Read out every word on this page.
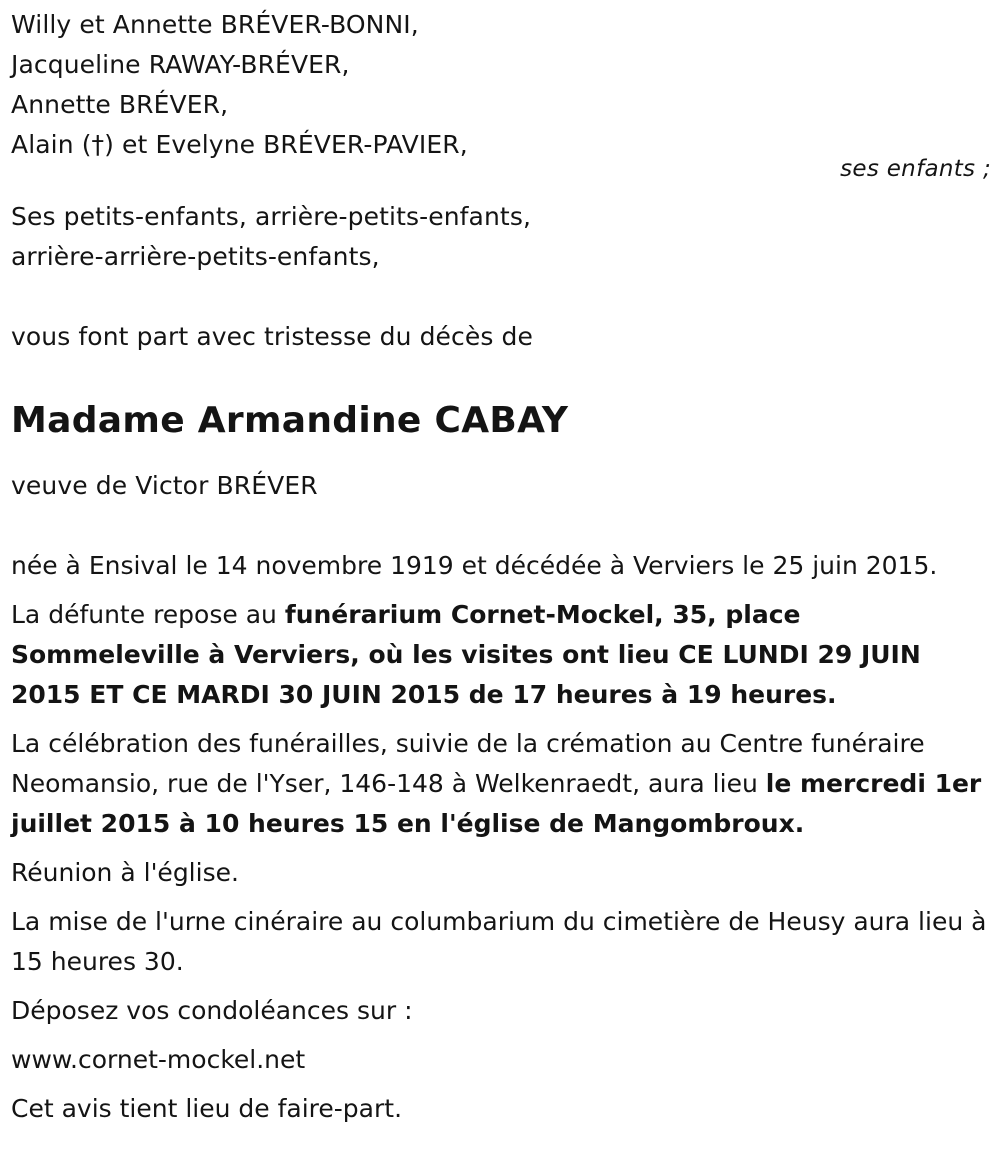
Willy et Annette BRÉVER-BONNI,
Jacqueline RAWAY-BRÉVER,
Annette BRÉVER,
Alain (†) et Evelyne BRÉVER-PAVIER,
Ses petits-enfants, arrière-petits-enfants,
arrière-arrière-petits-enfants,
vous font part avec tristesse du décès de
Madame Armandine CABAY
veuve de Victor BRÉVER
née à Ensival le 14 novembre 1919 et décédée à Verviers le 25 juin 2015.
La défunte repose au funérarium Cornet-Mockel, 35, place Sommeleville à Verviers, où les visites ont lieu CE LUNDI 29 JUIN 2015 ET CE MARDI 30 JUIN 2015 de 17 heures à 19 heures.
La célébration des funérailles, suivie de la crémation au Centre funéraire Neomansio, rue de l'Yser, 146-148 à Welkenraedt, aura lieu le mercredi 1er juillet 2015 à 10 heures 15 en l'église de Mangombroux.
Réunion à l'église.
La mise de l'urne cinéraire au columbarium du cimetière de Heusy aura lieu à 15 heures 30.
Déposez vos condoléances sur :
www.cornet-mockel.net
Cet avis tient lieu de faire-part.
ses enfants ;
